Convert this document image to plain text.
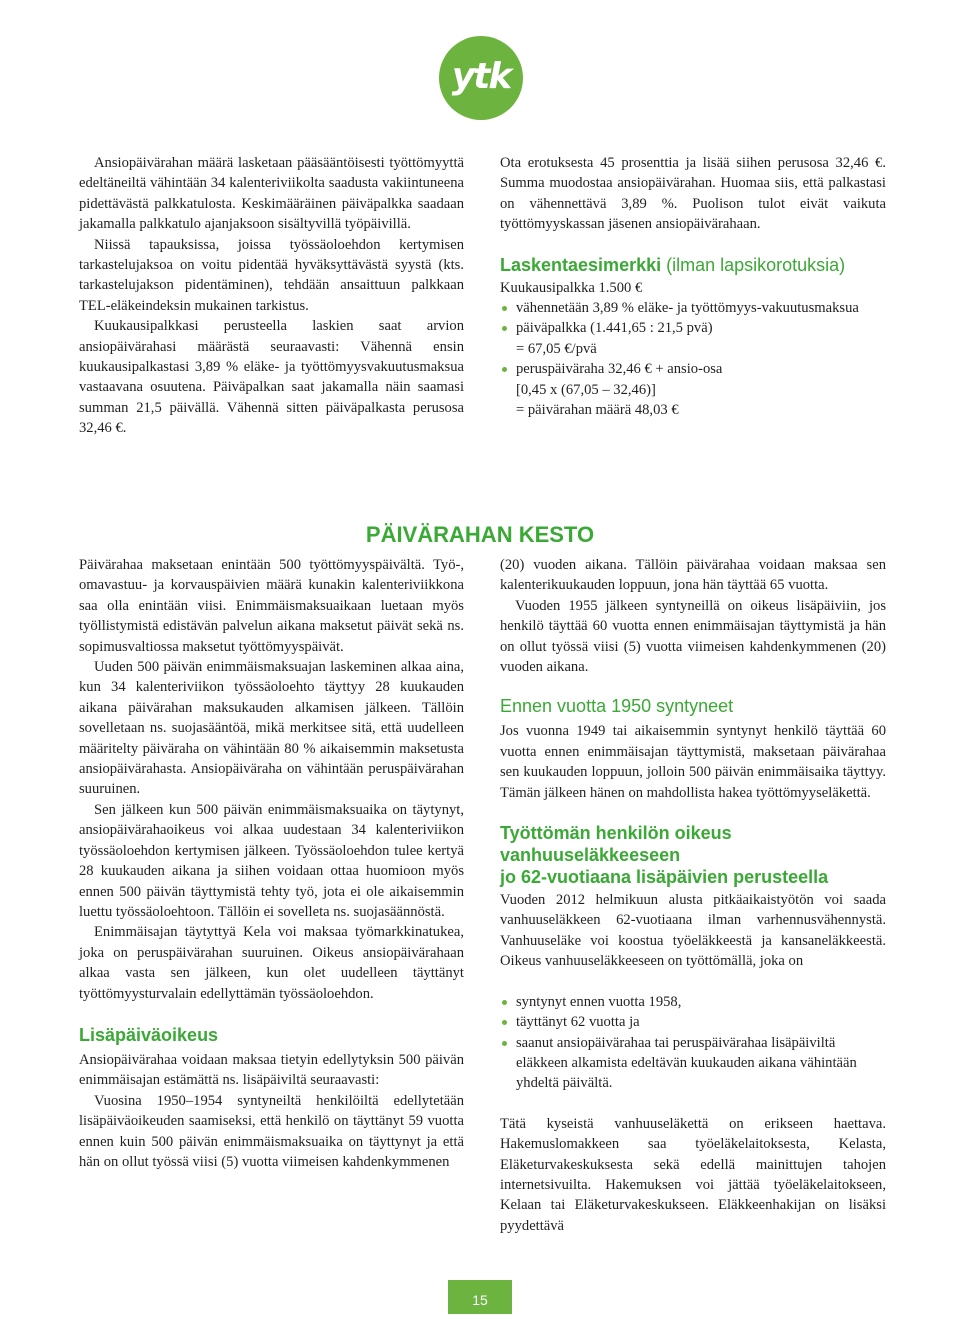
ytk

Ansiopäivärahan määrä lasketaan pääsääntöisesti työttömyyttä edeltäneiltä vähintään 34 kalenteriviikolta saadusta vakiintuneena pidettävästä palkkatulosta. Keskimääräinen päiväpalkka saadaan jakamalla palkkatulo ajanjaksoon sisältyvillä työpäivillä.

Niissä tapauksissa, joissa työssäoloehdon kertymisen tarkastelujaksoa on voitu pidentää hyväksyttävästä syystä (kts. tarkastelujakson pidentäminen), tehdään ansaittuun palkkaan TEL-eläkeindeksin mukainen tarkistus.

Kuukausipalkkasi perusteella laskien saat arvion ansiopäivärahasi määrästä seuraavasti: Vähennä ensin kuukausipalkastasi 3,89 % eläke- ja työttömyysvakuutusmaksua vastaavana osuutena. Päiväpalkan saat jakamalla näin saamasi summan 21,5 päivällä. Vähennä sitten päiväpalkasta perusosa 32,46 €.

Ota erotuksesta 45 prosenttia ja lisää siihen perusosa 32,46 €. Summa muodostaa ansiopäivärahan. Huomaa siis, että palkastasi on vähennettävä 3,89 %. Puolison tulot eivät vaikuta työttömyyskassan jäsenen ansiopäivärahaan.

Laskentaesimerkki (ilman lapsikorotuksia)

Kuukausipalkka 1.500 €

vähennetään 3,89 % eläke- ja työttömyys-vakuutusmaksua
päiväpalkka (1.441,65 : 21,5 pvä)

= 67,05 €/pvä

peruspäiväraha 32,46 € + ansio-osa

[0,45 x (67,05 – 32,46)]

= päivärahan määrä 48,03 €

PÄIVÄRAHAN KESTO

Päivärahaa maksetaan enintään 500 työttömyyspäivältä. Työ-, omavastuu- ja korvauspäivien määrä kunakin kalenteriviikkona saa olla enintään viisi. Enimmäismaksuaikaan luetaan myös työllistymistä edistävän palvelun aikana maksetut päivät sekä ns. sopimusvaltiossa maksetut työttömyyspäivät.

Uuden 500 päivän enimmäismaksuajan laskeminen alkaa aina, kun 34 kalenteriviikon työssäoloehto täyttyy 28 kuukauden aikana päivärahan maksukauden alkamisen jälkeen. Tällöin sovelletaan ns. suojasääntöä, mikä merkitsee sitä, että uudelleen määritelty päiväraha on vähintään 80 % aikaisemmin maksetusta ansiopäivärahasta. Ansiopäiväraha on vähintään peruspäivärahan suuruinen.

Sen jälkeen kun 500 päivän enimmäismaksuaika on täytynyt, ansiopäivärahaoikeus voi alkaa uudestaan 34 kalenteriviikon työssäoloehdon kertymisen jälkeen. Työssäoloehdon tulee kertyä 28 kuukauden aikana ja siihen voidaan ottaa huomioon myös ennen 500 päivän täyttymistä tehty työ, jota ei ole aikaisemmin luettu työssäoloehtoon. Tällöin ei sovelleta ns. suojasäännöstä.

Enimmäisajan täytyttyä Kela voi maksaa työmarkkinatukea, joka on peruspäivärahan suuruinen. Oikeus ansiopäivärahaan alkaa vasta sen jälkeen, kun olet uudelleen täyttänyt työttömyysturvalain edellyttämän työssäoloehdon.

Lisäpäiväoikeus

Ansiopäivärahaa voidaan maksaa tietyin edellytyksin 500 päivän enimmäisajan estämättä ns. lisäpäiviltä seuraavasti:

Vuosina 1950–1954 syntyneiltä henkilöiltä edellytetään lisäpäiväoikeuden saamiseksi, että henkilö on täyttänyt 59 vuotta ennen kuin 500 päivän enimmäismaksuaika on täyttynyt ja että hän on ollut työssä viisi (5) vuotta viimeisen kahdenkymmenen

(20) vuoden aikana. Tällöin päivärahaa voidaan maksaa sen kalenterikuukauden loppuun, jona hän täyttää 65 vuotta.

Vuoden 1955 jälkeen syntyneillä on oikeus lisäpäiviin, jos henkilö täyttää 60 vuotta ennen enimmäisajan täyttymistä ja hän on ollut työssä viisi (5) vuotta viimeisen kahdenkymmenen (20) vuoden aikana.

Ennen vuotta 1950 syntyneet

Jos vuonna 1949 tai aikaisemmin syntynyt henkilö täyttää 60 vuotta ennen enimmäisajan täyttymistä, maksetaan päivärahaa sen kuukauden loppuun, jolloin 500 päivän enimmäisaika täyttyy. Tämän jälkeen hänen on mahdollista hakea työttömyyseläkettä.

Työttömän henkilön oikeus vanhuuseläkkeeseen
jo 62-vuotiaana lisäpäivien perusteella

Vuoden 2012 helmikuun alusta pitkäaikaistyötön voi saada vanhuuseläkkeen 62-vuotiaana ilman varhennusvähennystä. Vanhuuseläke voi koostua työeläkkeestä ja kansaneläkkeestä. Oikeus vanhuuseläkkeeseen on työttömällä, joka on

syntynyt ennen vuotta 1958,
täyttänyt 62 vuotta ja
saanut ansiopäivärahaa tai peruspäivärahaa lisäpäiviltä eläkkeen alkamista edeltävän kuukauden aikana vähintään yhdeltä päivältä.

Tätä kyseistä vanhuuseläkettä on erikseen haettava. Hakemuslomakkeen saa työeläkelaitoksesta, Kelasta, Eläketurvakeskuksesta sekä edellä mainittujen tahojen internetsivuilta. Hakemuksen voi jättää työeläkelaitokseen, Kelaan tai Eläketurvakeskukseen. Eläkkeenhakijan on lisäksi pyydettävä

15
